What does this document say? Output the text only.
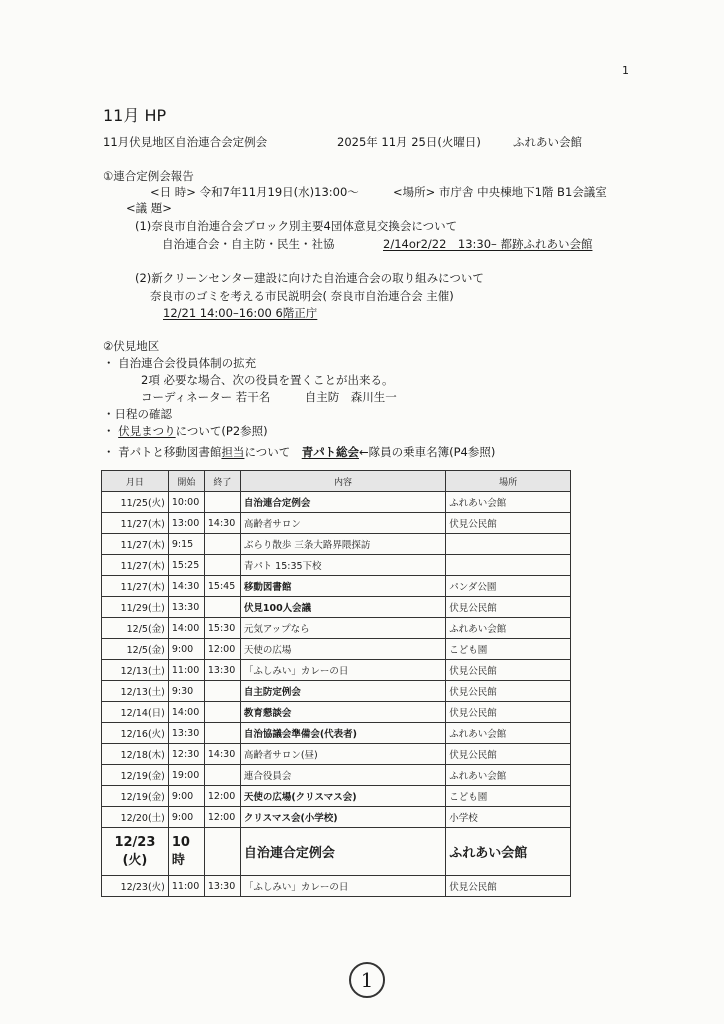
1
11月 HP
11月伏見地区自治連合会定例会	2025年 11月 25日(火曜日)	ふれあい会館
①連合定例会報告
<日 時> 令和7年11月19日(水)13:00～	<場所> 市庁舎 中央棟地下1階 B1会議室
<議 題>
(1)奈良市自治連合会ブロック別主要4団体意見交換会について
自治連合会・自主防・民生・社協	2/14or2/22　13:30– 都跡ふれあい会館
(2)新クリーンセンター建設に向けた自治連合会の取り組みについて
奈良市のゴミを考える市民説明会( 奈良市自治連合会 主催)
12/21 14:00–16:00 6階正庁
②伏見地区
・ 自治連合会役員体制の拡充
2項 必要な場合、次の役員を置くことが出来る。
コーディネーター 若干名　　　自主防　森川生一
・日程の確認
・ 伏見まつりについて(P2参照)
・ 青パトと移動図書館担当について　青パト総会←隊員の乗車名簿(P4参照)
月日	開始	終了	内容	場所
11/25(火)	10:00		自治連合定例会	ふれあい会館
11/27(木)	13:00	14:30	高齢者サロン	伏見公民館
11/27(木)	9:15		ぶらり散歩 三条大路界隈探訪	
11/27(木)	15:25		青パト 15:35下校	
11/27(木)	14:30	15:45	移動図書館	パンダ公園
11/29(土)	13:30		伏見100人会議	伏見公民館
12/5(金)	14:00	15:30	元気アップなら	ふれあい会館
12/5(金)	9:00	12:00	天使の広場	こども園
12/13(土)	11:00	13:30	「ふしみい」カレーの日	伏見公民館
12/13(土)	9:30		自主防定例会	伏見公民館
12/14(日)	14:00		教育懇談会	伏見公民館
12/16(火)	13:30		自治協議会準備会(代表者)	ふれあい会館
12/18(木)	12:30	14:30	高齢者サロン(昼)	伏見公民館
12/19(金)	19:00		連合役員会	ふれあい会館
12/19(金)	9:00	12:00	天使の広場(クリスマス会)	こども園
12/20(土)	9:00	12:00	クリスマス会(小学校)	小学校
12/23 (火)	10 時		自治連合定例会	ふれあい会館
12/23(火)	11:00	13:30	「ふしみい」カレーの日	伏見公民館
1
